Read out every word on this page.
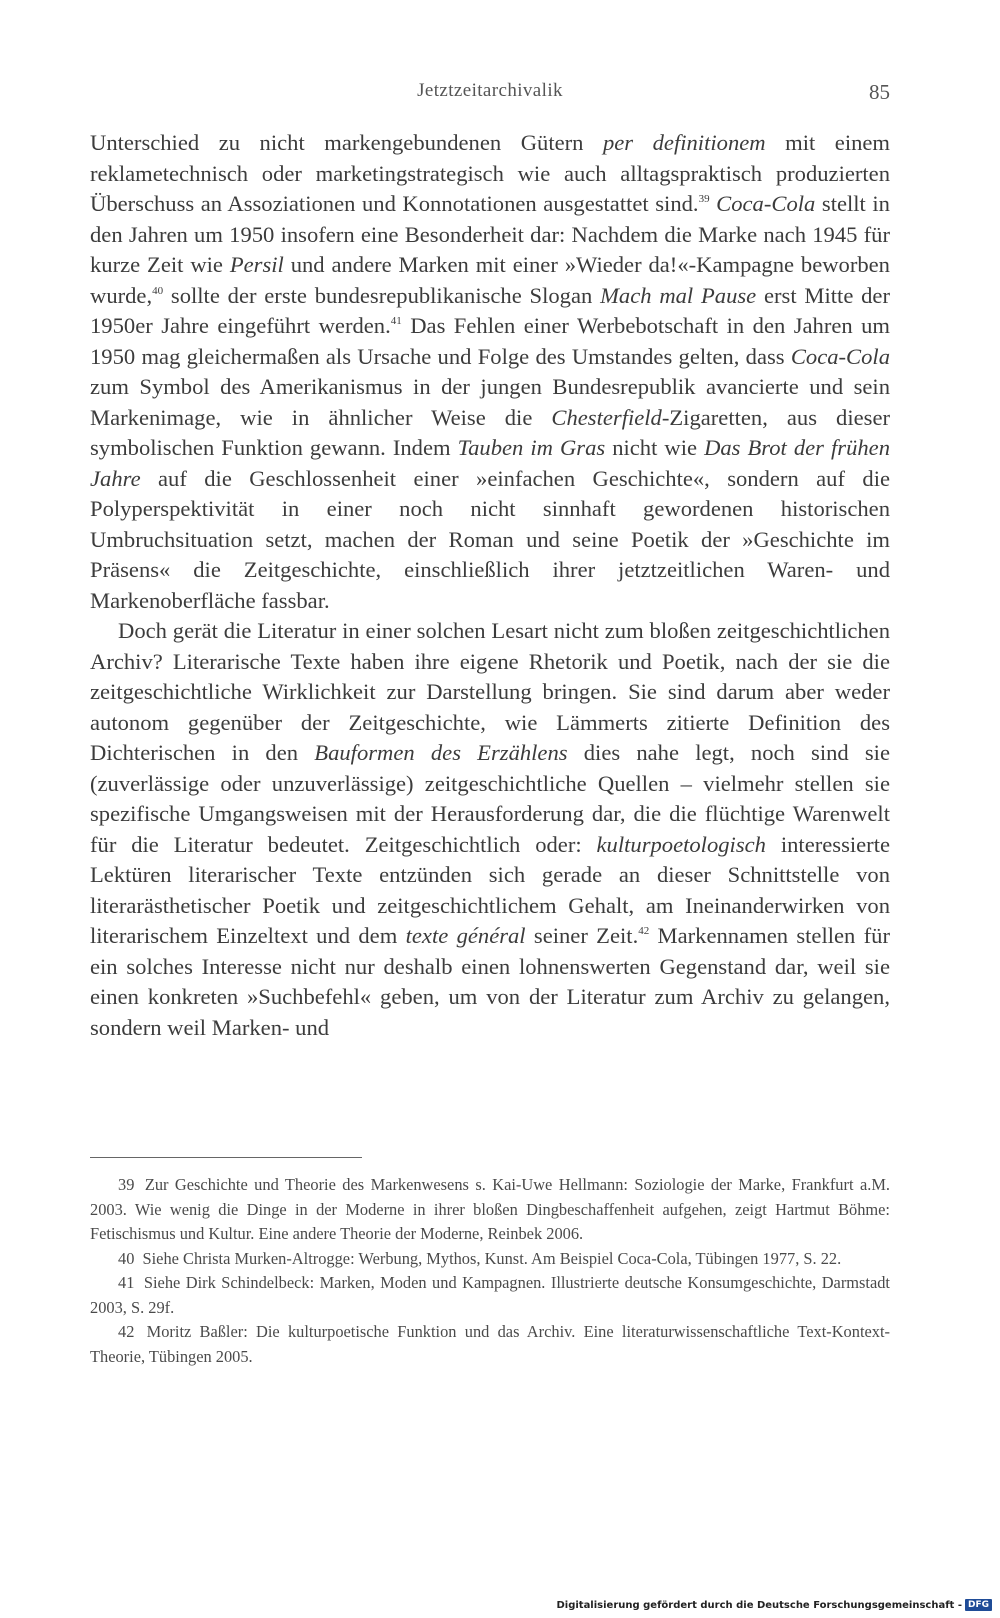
Jetztzeitarchivalik	85

Unterschied zu nicht markengebundenen Gütern per definitionem mit einem reklametechnisch oder marketingstrategisch wie auch alltagspraktisch produzierten Überschuss an Assoziationen und Konnotationen ausgestattet sind.$^{39}$ Coca-Cola stellt in den Jahren um 1950 insofern eine Besonderheit dar: Nachdem die Marke nach 1945 für kurze Zeit wie Persil und andere Marken mit einer »Wieder da!«-Kampagne beworben wurde,$^{40}$ sollte der erste bundesrepublikanische Slogan Mach mal Pause erst Mitte der 1950er Jahre eingeführt werden.$^{41}$ Das Fehlen einer Werbebotschaft in den Jahren um 1950 mag gleichermaßen als Ursache und Folge des Umstandes gelten, dass Coca-Cola zum Symbol des Amerikanismus in der jungen Bundesrepublik avancierte und sein Markenimage, wie in ähnlicher Weise die Chesterfield-Zigaretten, aus dieser symbolischen Funktion gewann. Indem Tauben im Gras nicht wie Das Brot der frühen Jahre auf die Geschlossenheit einer »einfachen Geschichte«, sondern auf die Polyperspektivität in einer noch nicht sinnhaft gewordenen historischen Umbruchsituation setzt, machen der Roman und seine Poetik der »Geschichte im Präsens« die Zeitgeschichte, einschließlich ihrer jetztzeitlichen Waren- und Markenoberfläche fassbar.

Doch gerät die Literatur in einer solchen Lesart nicht zum bloßen zeitgeschichtlichen Archiv? Literarische Texte haben ihre eigene Rhetorik und Poetik, nach der sie die zeitgeschichtliche Wirklichkeit zur Darstellung bringen. Sie sind darum aber weder autonom gegenüber der Zeitgeschichte, wie Lämmerts zitierte Definition des Dichterischen in den Bauformen des Erzählens dies nahe legt, noch sind sie (zuverlässige oder unzuverlässige) zeitgeschichtliche Quellen – vielmehr stellen sie spezifische Umgangsweisen mit der Herausforderung dar, die die flüchtige Warenwelt für die Literatur bedeutet. Zeitgeschichtlich oder: kulturpoetologisch interessierte Lektüren literarischer Texte entzünden sich gerade an dieser Schnittstelle von literarästhetischer Poetik und zeitgeschichtlichem Gehalt, am Ineinanderwirken von literarischem Einzeltext und dem texte général seiner Zeit.$^{42}$ Markennamen stellen für ein solches Interesse nicht nur deshalb einen lohnenswerten Gegenstand dar, weil sie einen konkreten »Suchbefehl« geben, um von der Literatur zum Archiv zu gelangen, sondern weil Marken- und

39 Zur Geschichte und Theorie des Markenwesens s. Kai-Uwe Hellmann: Soziologie der Marke, Frankfurt a.M. 2003. Wie wenig die Dinge in der Moderne in ihrer bloßen Dingbeschaffenheit aufgehen, zeigt Hartmut Böhme: Fetischismus und Kultur. Eine andere Theorie der Moderne, Reinbek 2006.

40 Siehe Christa Murken-Altrogge: Werbung, Mythos, Kunst. Am Beispiel Coca-Cola, Tübingen 1977, S. 22.

41 Siehe Dirk Schindelbeck: Marken, Moden und Kampagnen. Illustrierte deutsche Konsumgeschichte, Darmstadt 2003, S. 29f.

42 Moritz Baßler: Die kulturpoetische Funktion und das Archiv. Eine literaturwissenschaftliche Text-Kontext-Theorie, Tübingen 2005.

Digitalisierung gefördert durch die Deutsche Forschungsgemeinschaft - DFG
